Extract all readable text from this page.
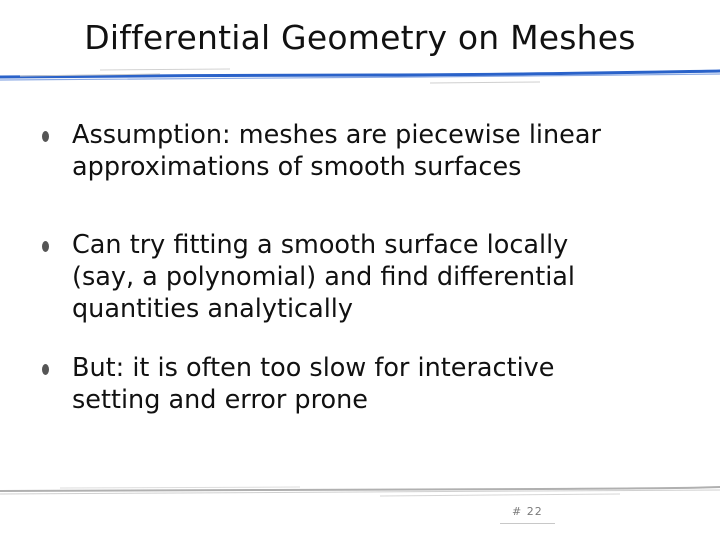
Differential Geometry on Meshes
Assumption: meshes are piecewise linear
approximations of smooth surfaces
Can try fitting a smooth surface locally
(say, a polynomial) and find differential
quantities analytically
But: it is often too slow for interactive
setting and error prone
# 22
